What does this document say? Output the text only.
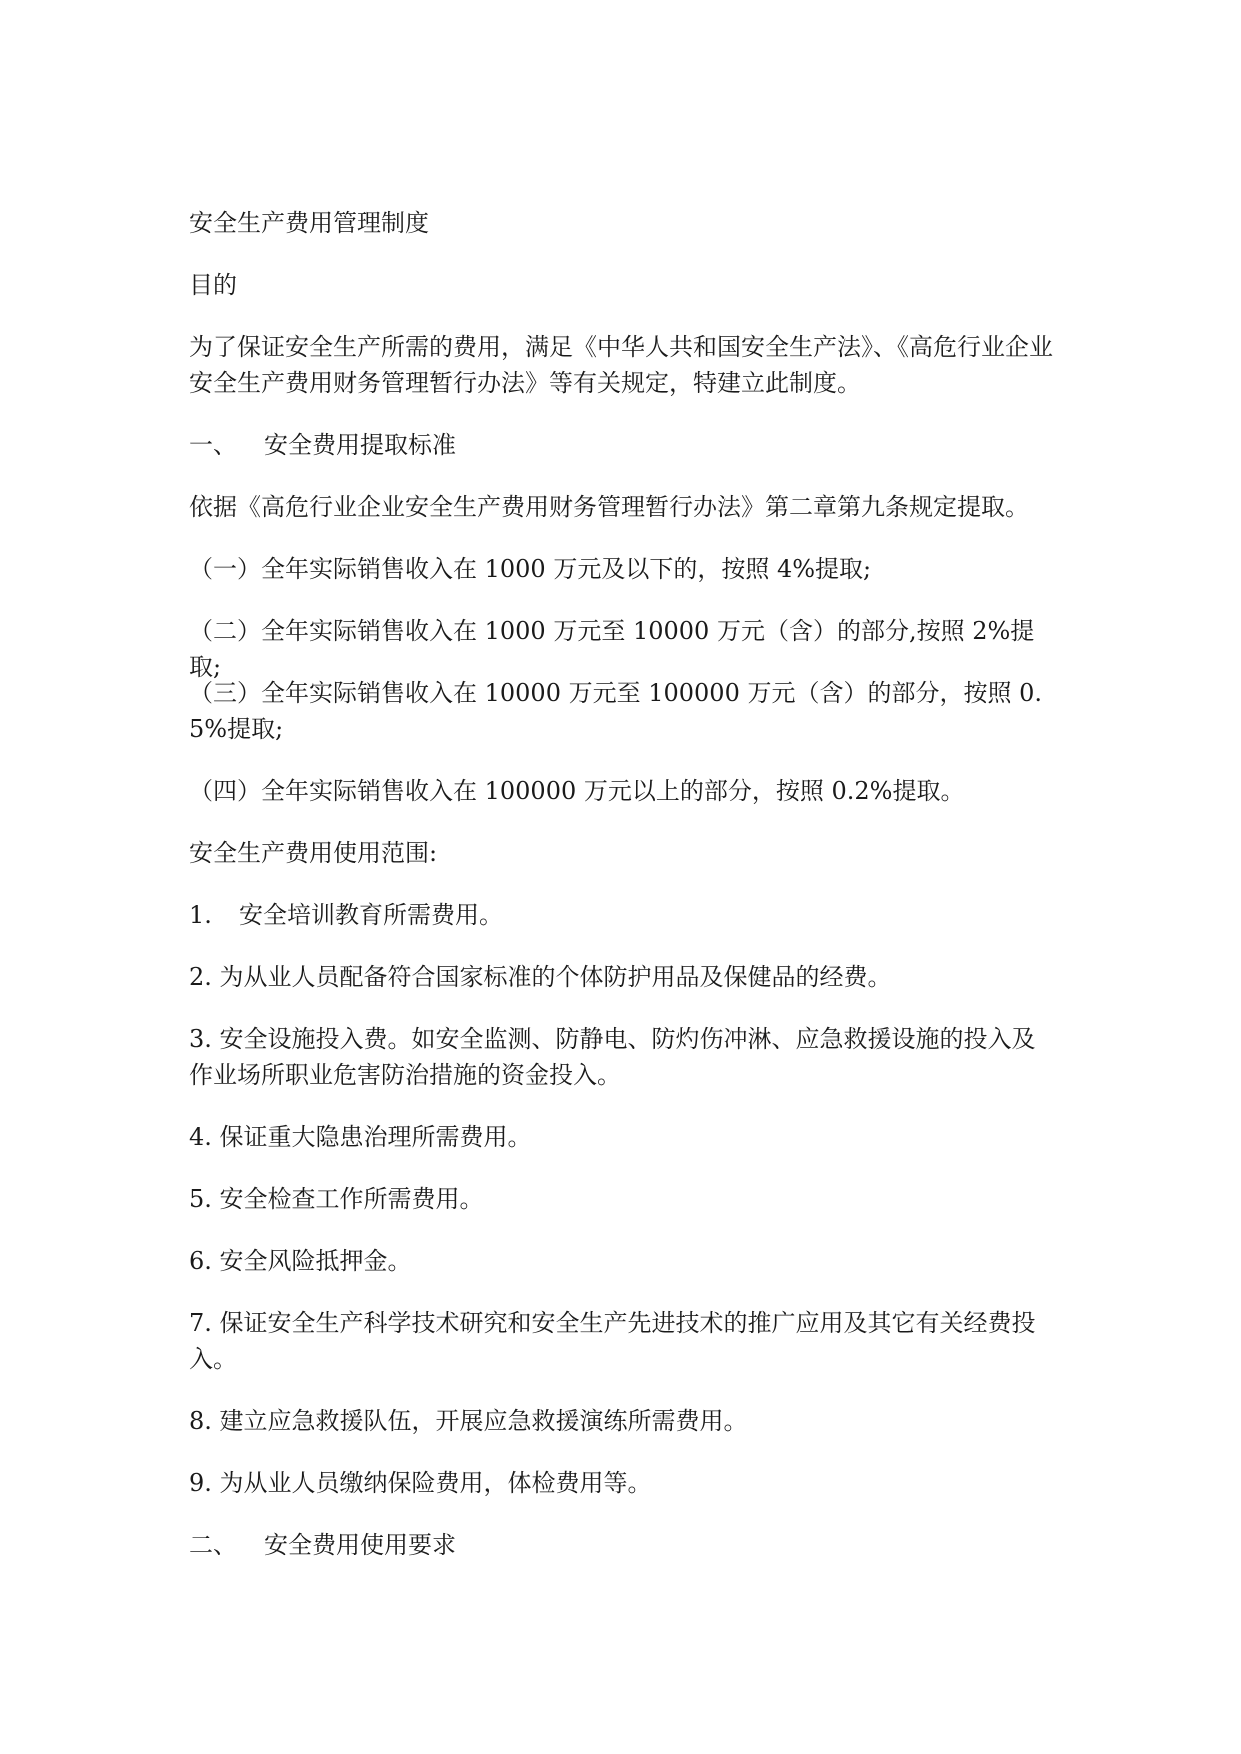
安全生产费用管理制度

目的

为了保证安全生产所需的费用，满足《中华人共和国安全生产法》、《高危行业企业安全生产费用财务管理暂行办法》等有关规定，特建立此制度。

一、 安全费用提取标准

依据《高危行业企业安全生产费用财务管理暂行办法》第二章第九条规定提取。

（一）全年实际销售收入在 1000 万元及以下的，按照 4%提取;

（二）全年实际销售收入在 1000 万元至 10000 万元（含）的部分,按照 2%提取;

（三）全年实际销售收入在 10000 万元至 100000 万元（含）的部分，按照 0.5%提取;

（四）全年实际销售收入在 100000 万元以上的部分，按照 0.2%提取。

安全生产费用使用范围:

1. 安全培训教育所需费用。

2. 为从业人员配备符合国家标准的个体防护用品及保健品的经费。

3. 安全设施投入费。如安全监测、防静电、防灼伤冲淋、应急救援设施的投入及作业场所职业危害防治措施的资金投入。

4. 保证重大隐患治理所需费用。

5. 安全检查工作所需费用。

6. 安全风险抵押金。

7. 保证安全生产科学技术研究和安全生产先进技术的推广应用及其它有关经费投入。

8. 建立应急救援队伍，开展应急救援演练所需费用。

9. 为从业人员缴纳保险费用，体检费用等。

二、 安全费用使用要求
